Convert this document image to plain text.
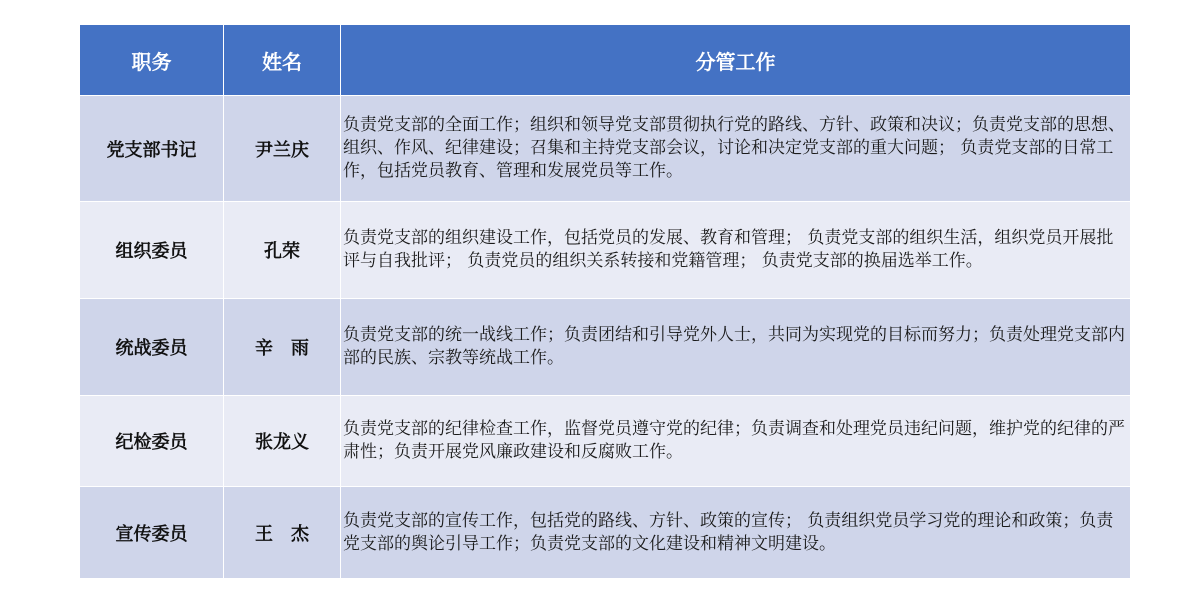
职务	姓名	分管工作
党支部书记	尹兰庆	负责党支部的全面工作；组织和领导党支部贯彻执行党的路线、方针、政策和决议；负责党支部的思想、组织、作风、纪律建设；召集和主持党支部会议，讨论和决定党支部的重大问题； 负责党支部的日常工作，包括党员教育、管理和发展党员等工作。
组织委员	孔荣	负责党支部的组织建设工作，包括党员的发展、教育和管理； 负责党支部的组织生活，组织党员开展批评与自我批评； 负责党员的组织关系转接和党籍管理； 负责党支部的换届选举工作。
统战委员	辛　雨	负责党支部的统一战线工作；负责团结和引导党外人士，共同为实现党的目标而努力；负责处理党支部内部的民族、宗教等统战工作。
纪检委员	张龙义	负责党支部的纪律检查工作，监督党员遵守党的纪律；负责调查和处理党员违纪问题，维护党的纪律的严肃性；负责开展党风廉政建设和反腐败工作。
宣传委员	王　杰	负责党支部的宣传工作，包括党的路线、方针、政策的宣传； 负责组织党员学习党的理论和政策；负责党支部的舆论引导工作；负责党支部的文化建设和精神文明建设。
